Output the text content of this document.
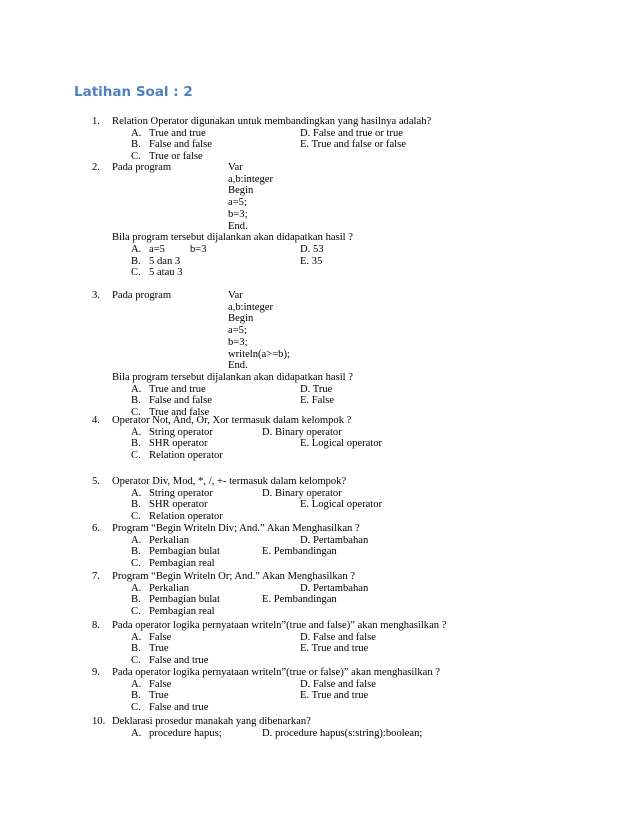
Latihan Soal : 2
1. Relation Operator digunakan untuk membandingkan yang hasilnya adalah?
A. True and true	D. False and true or true
B. False and false	E. True and false or false
C. True or false
2. Pada program	Var
a,b:integer
Begin
a=5;
b=3;
End.
Bila program tersebut dijalankan akan didapatkan hasil ?
A. a=5 b=3	D. 53
B. 5 dan 3	E. 35
C. 5 atau 3
3. Pada program	Var
a,b:integer
Begin
a=5;
b=3;
writeln(a>=b);
End.
Bila program tersebut dijalankan akan didapatkan hasil ?
A. True and true	D. True
B. False and false	E. False
C. True and false
4. Operator Not, And, Or, Xor termasuk dalam kelompok ?
A. String operator	D. Binary operator
B. SHR operator	E. Logical operator
C. Relation operator
5. Operator Div, Mod, *, /, +- termasuk dalam kelompok?
A. String operator	D. Binary operator
B. SHR operator	E. Logical operator
C. Relation operator
6. Program “Begin Writeln Div; And.” Akan Menghasilkan ?
A. Perkalian	D. Pertambahan
B. Pembagian bulat	E. Pembandingan
C. Pembagian real
7. Program “Begin Writeln Or; And.” Akan Menghasilkan ?
A. Perkalian	D. Pertambahan
B. Pembagian bulat	E. Pembandingan
C. Pembagian real
8. Pada operator logika pernyataan writeln”(true and false)” akan menghasilkan ?
A. False	D. False and false
B. True	E. True and true
C. False and true
9. Pada operator logika pernyataan writeln”(true or false)” akan menghasilkan ?
A. False	D. False and false
B. True	E. True and true
C. False and true
10. Deklarasi prosedur manakah yang dibenarkan?
A. procedure hapus;	D. procedure hapus(s:string):boolean;
